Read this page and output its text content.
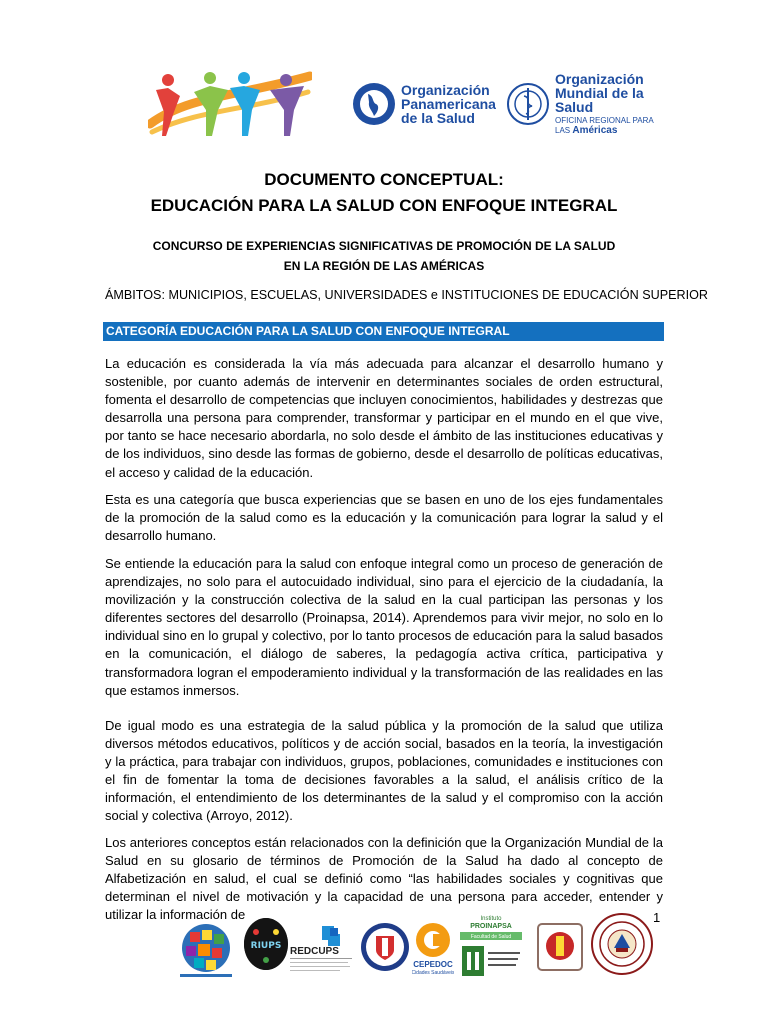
Organización
Panamericana
de la Salud
Organización
Mundial de la Salud
OFICINA REGIONAL PARA LAS Américas
DOCUMENTO CONCEPTUAL:
EDUCACIÓN PARA LA SALUD CON ENFOQUE INTEGRAL
CONCURSO DE EXPERIENCIAS SIGNIFICATIVAS DE PROMOCIÓN DE LA SALUD
EN LA REGIÓN DE LAS AMÉRICAS
ÁMBITOS: MUNICIPIOS, ESCUELAS, UNIVERSIDADES e INSTITUCIONES DE EDUCACIÓN SUPERIOR
CATEGORÍA EDUCACIÓN PARA LA SALUD CON ENFOQUE INTEGRAL
La educación es considerada la vía más adecuada para alcanzar el desarrollo humano y sostenible, por cuanto además de intervenir en determinantes sociales de orden estructural, fomenta el desarrollo de competencias que incluyen conocimientos, habilidades y destrezas que desarrolla una persona para comprender, transformar y participar en el mundo en el que vive, por tanto se hace necesario abordarla, no solo desde el ámbito de las instituciones educativas y de los individuos, sino desde las formas de gobierno, desde el desarrollo de políticas educativas, el acceso y calidad de la educación.
Esta es una categoría que busca experiencias que se basen en uno de los ejes fundamentales de la promoción de la salud como es la educación y la comunicación para lograr la salud y el desarrollo humano.
Se entiende la educación para la salud con enfoque integral como un proceso de generación de aprendizajes, no solo para el autocuidado individual, sino para el ejercicio de la ciudadanía, la movilización y la construcción colectiva de la salud en la cual participan las personas y los diferentes sectores del desarrollo (Proinapsa, 2014). Aprendemos para vivir mejor, no solo en lo individual sino en lo grupal y colectivo, por lo tanto procesos de educación para la salud basados en la comunicación, el diálogo de saberes, la pedagogía activa crítica, participativa y transformadora logran el empoderamiento individual y la transformación de las realidades en las que estamos inmersos.
De igual modo es una estrategia de la salud pública y la promoción de la salud que utiliza diversos métodos educativos, políticos y de acción social, basados en la teoría, la investigación y la práctica, para trabajar con individuos, grupos, poblaciones, comunidades e instituciones con el fin de fomentar la toma de decisiones favorables a la salud, el análisis crítico de la información, el entendimiento de los determinantes de la salud y el compromiso con la acción social y colectiva (Arroyo, 2012).
Los anteriores conceptos están relacionados con la definición que la Organización Mundial de la Salud en su glosario de términos de Promoción de la Salud ha dado al concepto de Alfabetización en salud, el cual se definió como “las habilidades sociales y cognitivas que determinan el nivel de motivación y la capacidad de una persona para acceder, entender y utilizar la información de	1
RIUPS REDCUPS
CEPEDOC
Cidades Saudáveis
Instituto
PROINAPSA
Facultad de Salud
